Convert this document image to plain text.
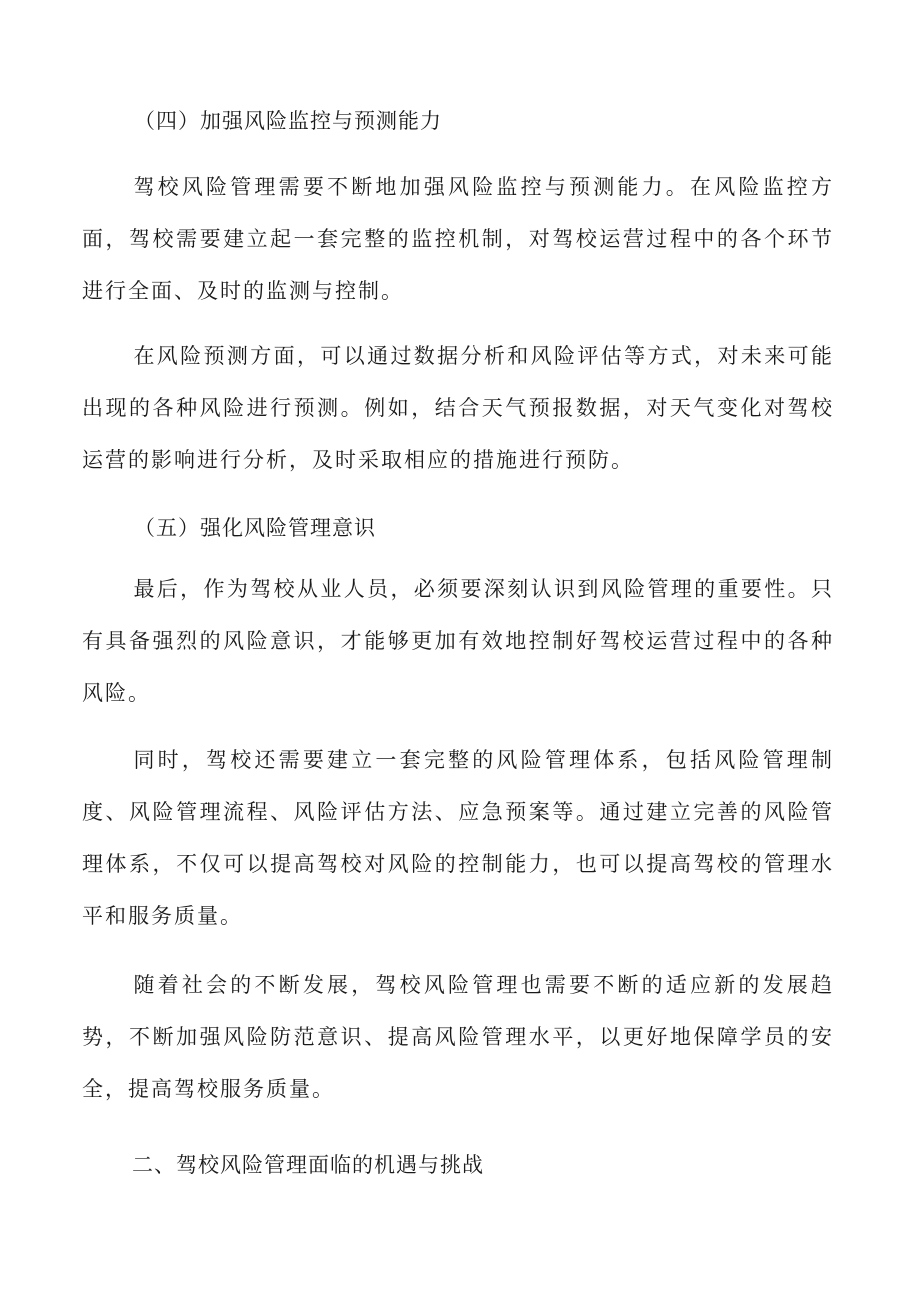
（四）加强风险监控与预测能力

驾校风险管理需要不断地加强风险监控与预测能力。在风险监控方面，驾校需要建立起一套完整的监控机制，对驾校运营过程中的各个环节进行全面、及时的监测与控制。

在风险预测方面，可以通过数据分析和风险评估等方式，对未来可能出现的各种风险进行预测。例如，结合天气预报数据，对天气变化对驾校运营的影响进行分析，及时采取相应的措施进行预防。

（五）强化风险管理意识

最后，作为驾校从业人员，必须要深刻认识到风险管理的重要性。只有具备强烈的风险意识，才能够更加有效地控制好驾校运营过程中的各种风险。

同时，驾校还需要建立一套完整的风险管理体系，包括风险管理制度、风险管理流程、风险评估方法、应急预案等。通过建立完善的风险管理体系，不仅可以提高驾校对风险的控制能力，也可以提高驾校的管理水平和服务质量。

随着社会的不断发展，驾校风险管理也需要不断的适应新的发展趋势，不断加强风险防范意识、提高风险管理水平，以更好地保障学员的安全，提高驾校服务质量。

二、驾校风险管理面临的机遇与挑战
